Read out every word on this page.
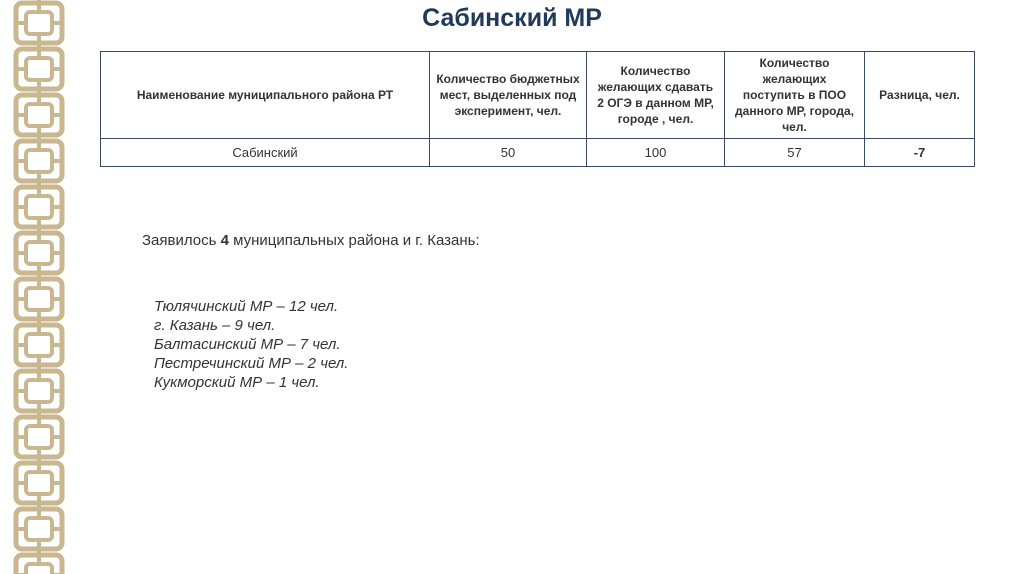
Сабинский МР
Наименование муниципального района РТ	Количество бюджетных мест, выделенных под эксперимент, чел.	Количество желающих сдавать 2 ОГЭ в данном МР, городе , чел.	Количество желающих поступить в ПОО данного МР, города, чел.	Разница, чел.
Сабинский	50	100	57	-7
Заявилось 4 муниципальных района и г. Казань:
Тюлячинский МР – 12 чел.
г. Казань – 9 чел.
Балтасинский МР – 7 чел.
Пестречинский МР – 2 чел.
Кукморский МР – 1 чел.
